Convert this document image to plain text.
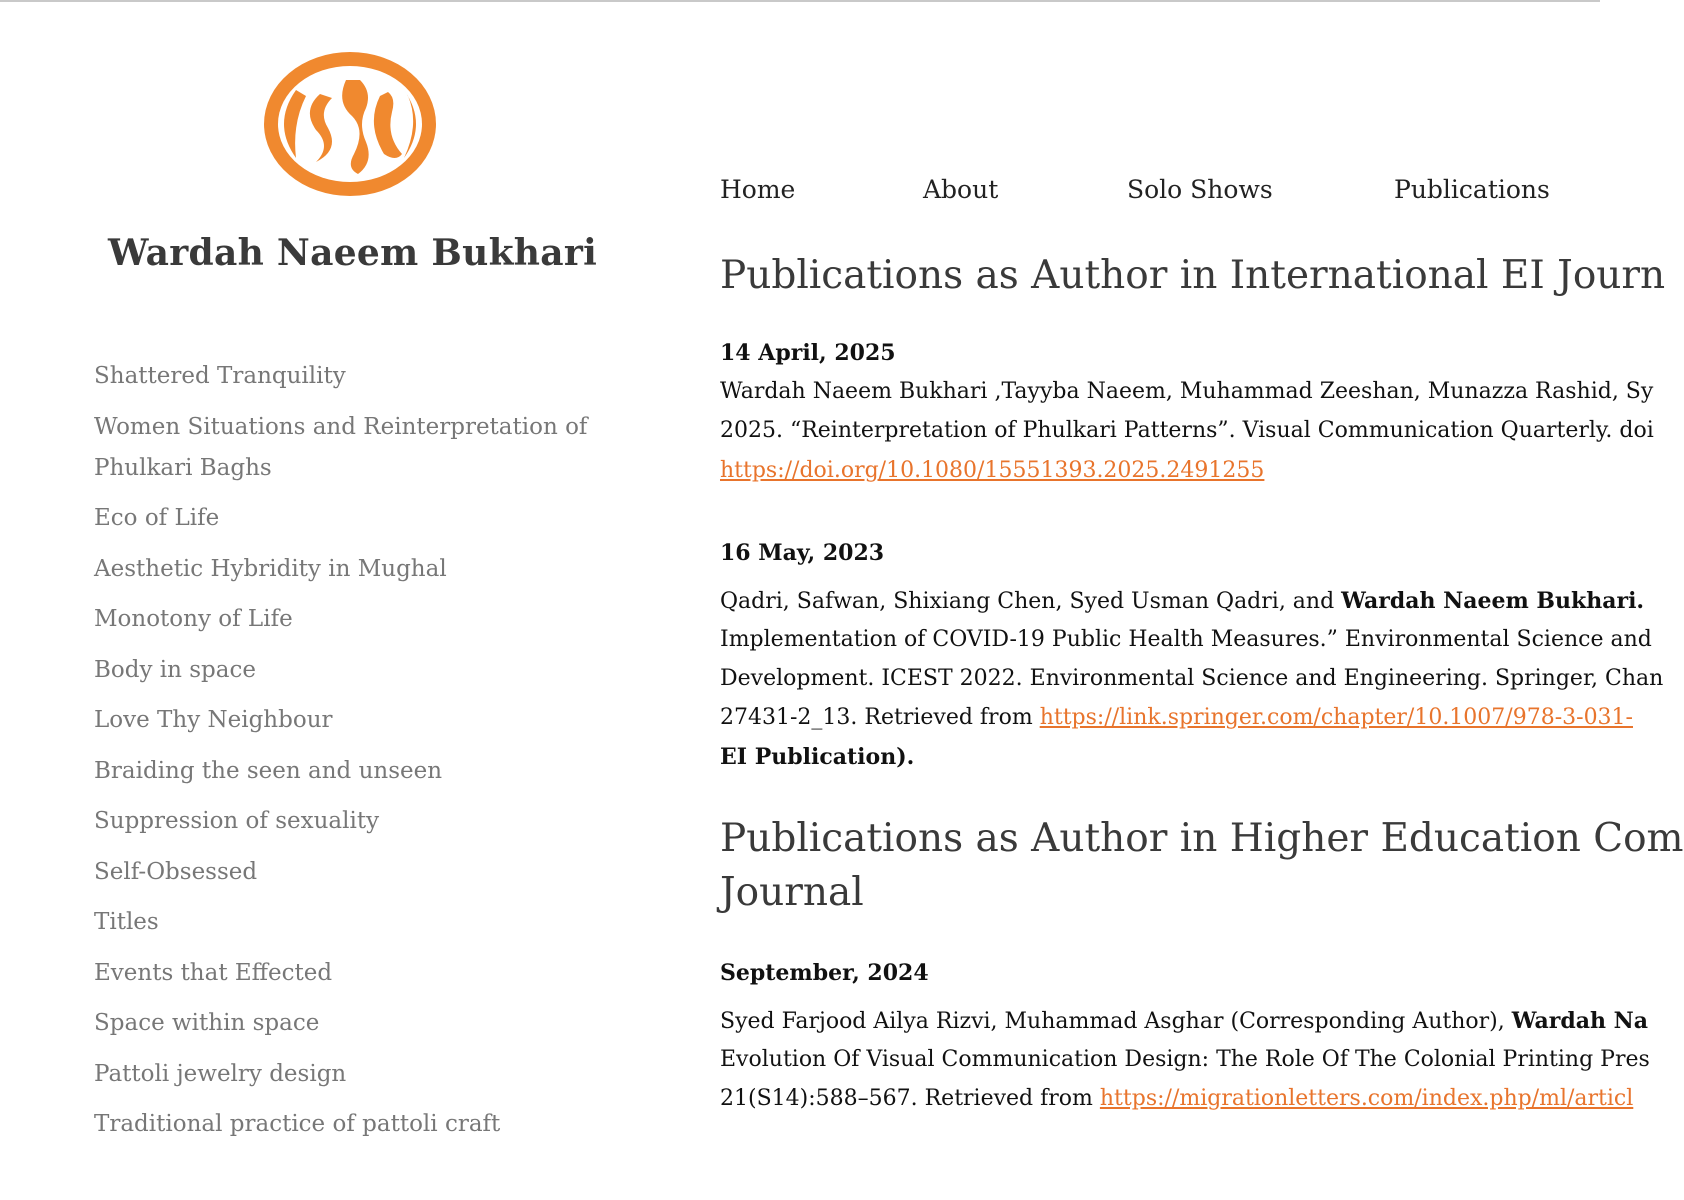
Wardah Naeem Bukhari
Shattered Tranquility
Women Situations and Reinterpretation of Phulkari Baghs
Eco of Life
Aesthetic Hybridity in Mughal
Monotony of Life
Body in space
Love Thy Neighbour
Braiding the seen and unseen
Suppression of sexuality
Self-Obsessed
Titles
Events that Effected
Space within space
Pattoli jewelry design
Traditional practice of pattoli craft
Home	About	Solo Shows	Publications
Publications as Author in International EI Journ

14 April, 2025

Wardah Naeem Bukhari ,Tayyba Naeem, Muhammad Zeeshan, Munazza Rashid, Sy

2025. “Reinterpretation of Phulkari Patterns”. Visual Communication Quarterly. doi

https://doi.org/10.1080/15551393.2025.2491255

16 May, 2023

Qadri, Safwan, Shixiang Chen, Syed Usman Qadri, and Wardah Naeem Bukhari.

Implementation of COVID-19 Public Health Measures.” Environmental Science and

Development. ICEST 2022. Environmental Science and Engineering. Springer, Chan

27431-2_13. Retrieved from https://link.springer.com/chapter/10.1007/978-3-031-

EI Publication).

Publications as Author in Higher Education Com
Journal

September, 2024

Syed Farjood Ailya Rizvi, Muhammad Asghar (Corresponding Author), Wardah Na

Evolution Of Visual Communication Design: The Role Of The Colonial Printing Pres

21(S14):588–567. Retrieved from https://migrationletters.com/index.php/ml/articl
